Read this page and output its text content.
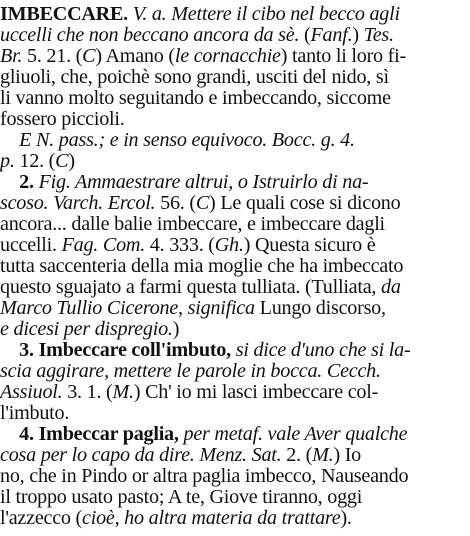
IMBECCARE. V. a. Mettere il cibo nel becco agli
uccelli che non beccano ancora da sè. (Fanf.) Tes.
Br. 5. 21. (C) Amano (le cornacchie) tanto li loro fi-
gliuoli, che, poichè sono grandi, usciti del nido, sì
li vanno molto seguitando e imbeccando, siccome
fossero piccioli.
E N. pass.; e in senso equivoco. Bocc. g. 4.
p. 12. (C)
2. Fig. Ammaestrare altrui, o Istruirlo di na-
scoso. Varch. Ercol. 56. (C) Le quali cose si dicono
ancora... dalle balie imbeccare, e imbeccare dagli
uccelli. Fag. Com. 4. 333. (Gh.) Questa sicuro è
tutta saccenteria della mia moglie che ha imbeccato
questo sguajato a farmi questa tulliata. (Tulliata, da
Marco Tullio Cicerone, significa Lungo discorso,
e dicesi per dispregio.)
3. Imbeccare coll'imbuto, si dice d'uno che si la-
scia aggirare, mettere le parole in bocca. Cecch.
Assiuol. 3. 1. (M.) Ch' io mi lasci imbeccare col-
l'imbuto.
4. Imbeccar paglia, per metaf. vale Aver qualche
cosa per lo capo da dire. Menz. Sat. 2. (M.) Io
no, che in Pindo or altra paglia imbecco, Nauseando
il troppo usato pasto; A te, Giove tiranno, oggi
l'azzecco (cioè, ho altra materia da trattare).
